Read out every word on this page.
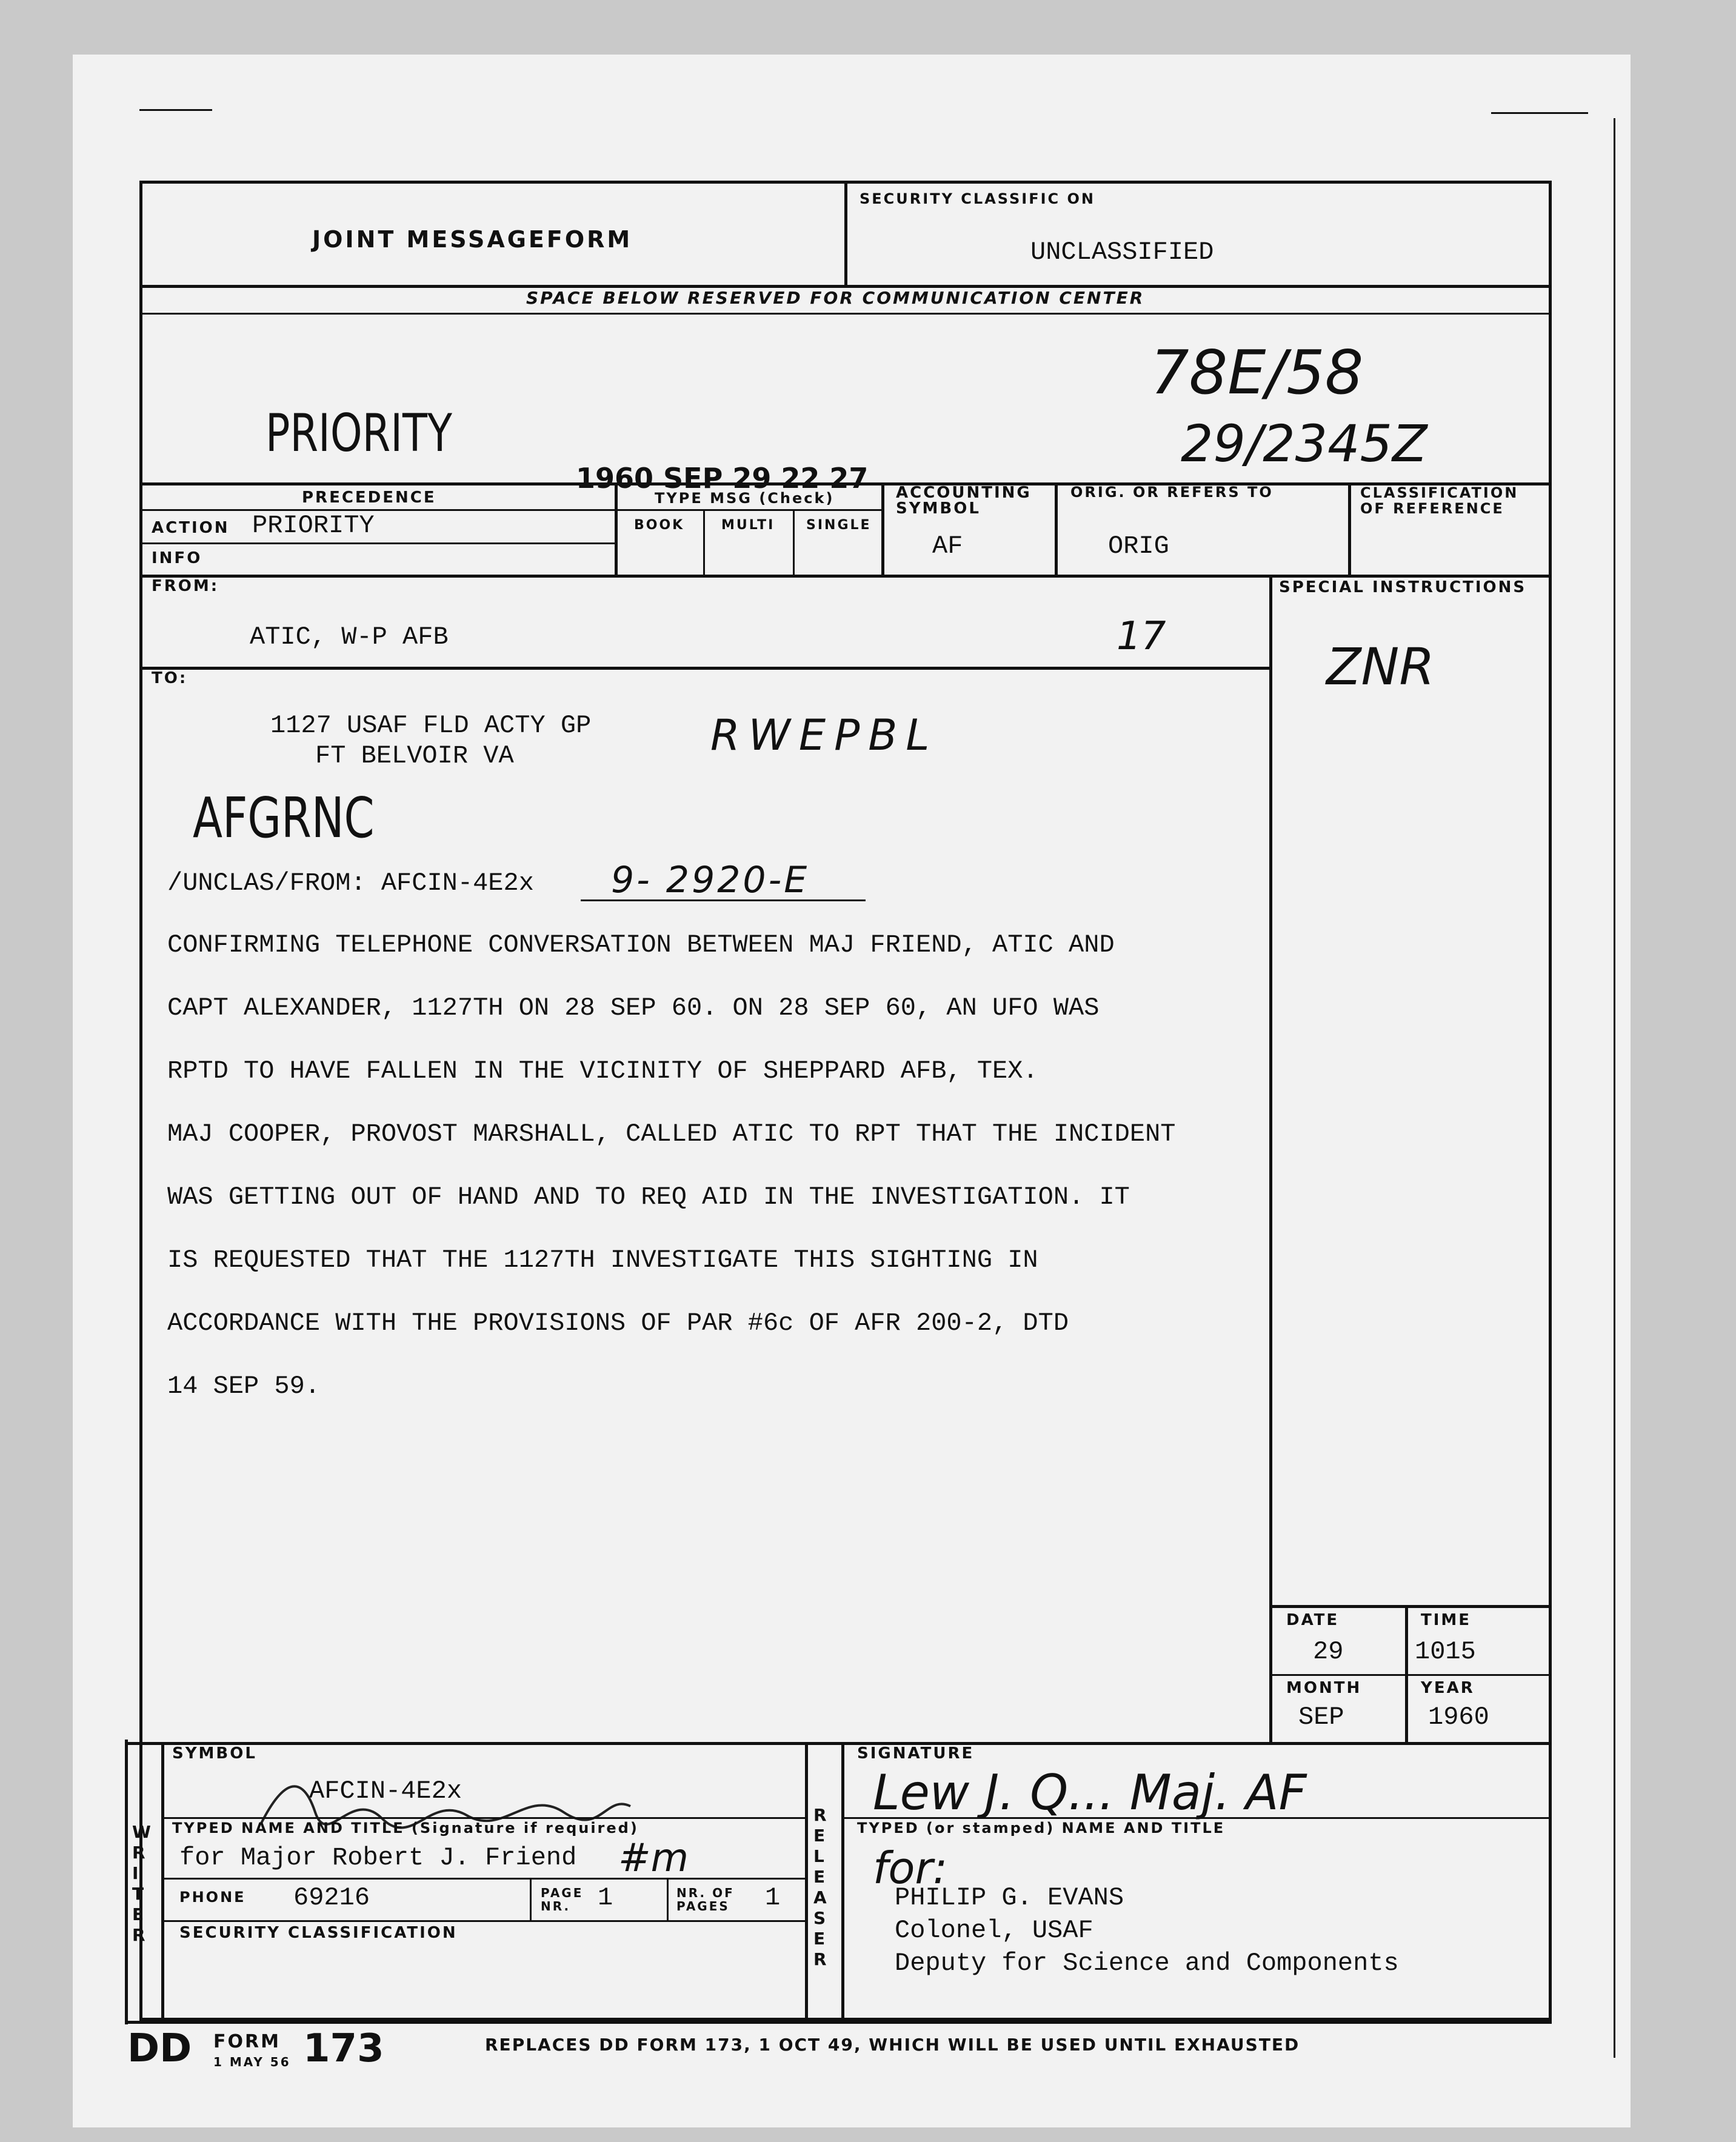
JOINT MESSAGEFORM
SECURITY CLASSIFIC ON
UNCLASSIFIED
SPACE BELOW RESERVED FOR COMMUNICATION CENTER
PRIORITY
78E/58
29/2345Z
1960 SEP 29 22 27
PRECEDENCE
ACTION PRIORITY
INFO
TYPE MSG (Check)
BOOK	MULTI SINGLE
ACCOUNTING SYMBOL
AF
ORIG. OR REFERS TO
ORIG
CLASSIFICATION OF REFERENCE
FROM:
ATIC, W-P AFB	17
SPECIAL INSTRUCTIONS
ZNR
TO:
1127 USAF FLD ACTY GP
FT BELVOIR VA	RWEPBL
AFGRNC
/UNCLAS/FROM: AFCIN-4E2x 9- 2920-E
CONFIRMING TELEPHONE CONVERSATION BETWEEN MAJ FRIEND, ATIC AND
CAPT ALEXANDER, 1127TH ON 28 SEP 60. ON 28 SEP 60, AN UFO WAS
RPTD TO HAVE FALLEN IN THE VICINITY OF SHEPPARD AFB, TEX.
MAJ COOPER, PROVOST MARSHALL, CALLED ATIC TO RPT THAT THE INCIDENT
WAS GETTING OUT OF HAND AND TO REQ AID IN THE INVESTIGATION. IT
IS REQUESTED THAT THE 1127TH INVESTIGATE THIS SIGHTING IN
ACCORDANCE WITH THE PROVISIONS OF PAR #6c OF AFR 200-2, DTD
14 SEP 59.
DATE
29
TIME
1015
MONTH
SEP
YEAR
1960
WRITER
RELEASER
SYMBOL
AFCIN-4E2x
TYPED NAME AND TITLE (Signature if required)
for Major Robert J. Friend #m
PHONE 69216	PAGE NR.	1	NR. OF PAGES 1
SECURITY CLASSIFICATION
SIGNATURE
Lew J. Q... Maj. AF
TYPED (or stamped) NAME AND TITLE
for:
PHILIP G. EVANS
Colonel, USAF
Deputy for Science and Components
DD FORM
1 MAY 56 173	REPLACES DD FORM 173, 1 OCT 49, WHICH WILL BE USED UNTIL EXHAUSTED
